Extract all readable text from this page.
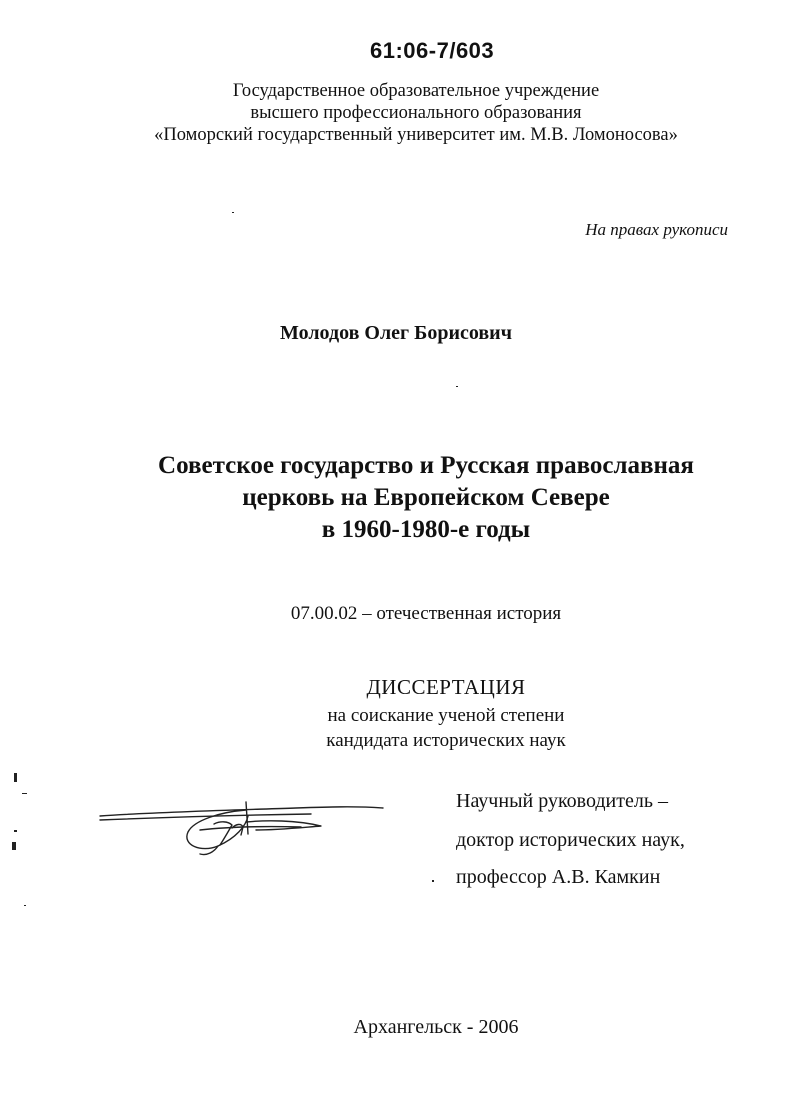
61:06-7/603
Государственное образовательное учреждение
высшего профессионального образования
«Поморский государственный университет им. М.В. Ломоносова»
На правах рукописи
Молодов Олег Борисович
Советское государство и Русская православная
церковь на Европейском Севере
в 1960-1980-е годы
07.00.02 – отечественная история
ДИССЕРТАЦИЯ
на соискание ученой степени
кандидата исторических наук
Научный руководитель –
доктор исторических наук,
профессор А.В. Камкин
Архангельск - 2006
